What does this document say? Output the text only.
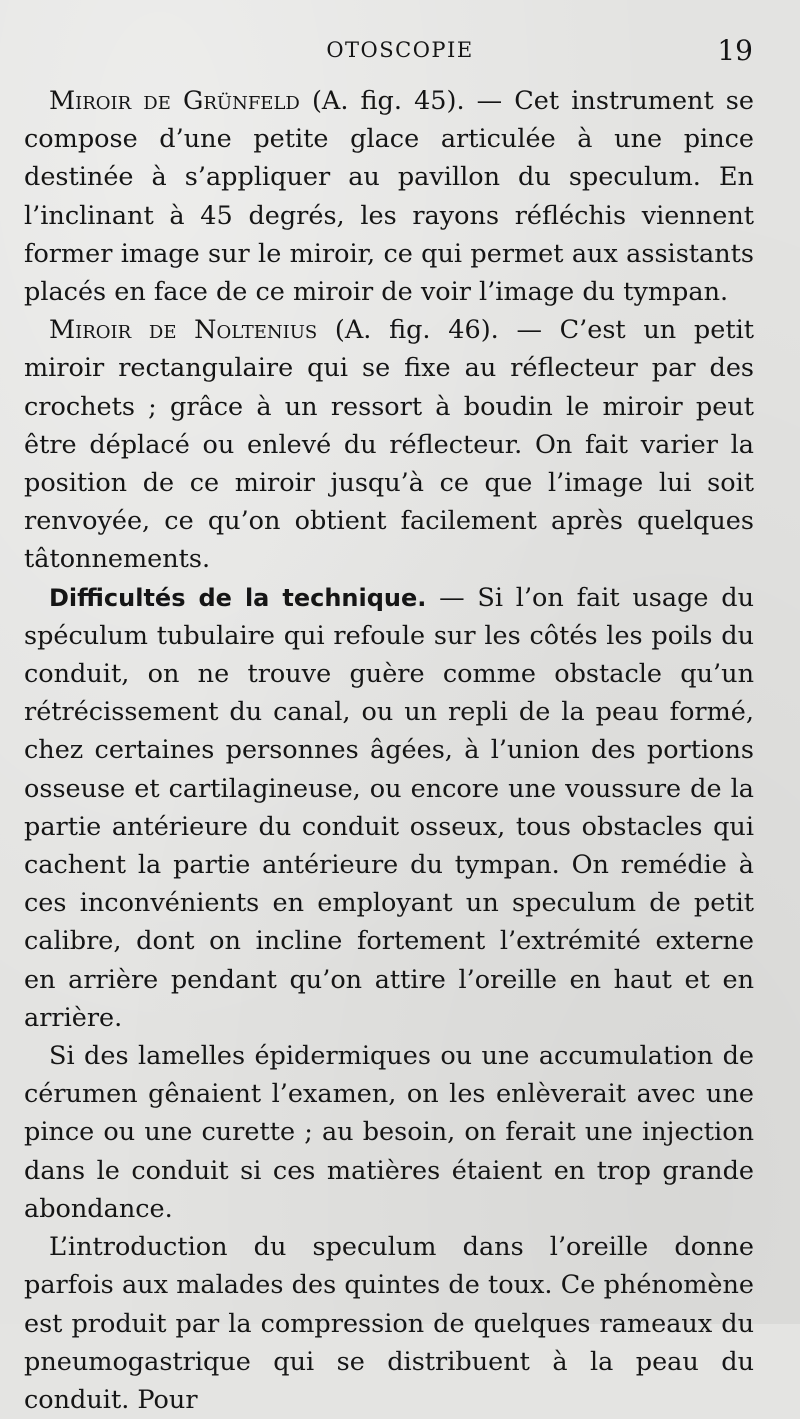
OTOSCOPIE	19

Miroir de Grünfeld (A. fig. 45). — Cet instrument se compose d’une petite glace articulée à une pince destinée à s’appliquer au pavillon du speculum. En l’inclinant à 45 degrés, les rayons réfléchis viennent former image sur le miroir, ce qui permet aux assistants placés en face de ce miroir de voir l’image du tympan.

Miroir de Noltenius (A. fig. 46). — C’est un petit miroir rectangulaire qui se fixe au réflecteur par des crochets ; grâce à un ressort à boudin le miroir peut être déplacé ou enlevé du réflecteur. On fait varier la position de ce miroir jusqu’à ce que l’image lui soit renvoyée, ce qu’on obtient facilement après quelques tâtonnements.

Difficultés de la technique. — Si l’on fait usage du spéculum tubulaire qui refoule sur les côtés les poils du conduit, on ne trouve guère comme obstacle qu’un rétrécissement du canal, ou un repli de la peau formé, chez certaines personnes âgées, à l’union des portions osseuse et cartilagineuse, ou encore une voussure de la partie antérieure du conduit osseux, tous obstacles qui cachent la partie antérieure du tympan. On remédie à ces inconvénients en employant un speculum de petit calibre, dont on incline fortement l’extrémité externe en arrière pendant qu’on attire l’oreille en haut et en arrière.

Si des lamelles épidermiques ou une accumulation de cérumen gênaient l’examen, on les enlèverait avec une pince ou une curette ; au besoin, on ferait une injection dans le conduit si ces matières étaient en trop grande abondance.

L’introduction du speculum dans l’oreille donne parfois aux malades des quintes de toux. Ce phénomène est produit par la compression de quelques rameaux du pneumogastrique qui se distribuent à la peau du conduit. Pour
